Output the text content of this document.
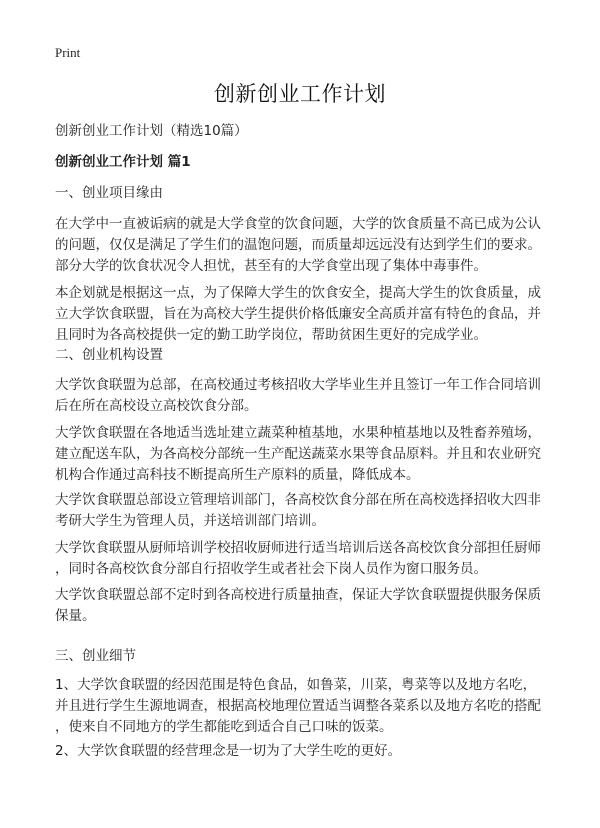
Print
创新创业工作计划
创新创业工作计划（精选10篇）
创新创业工作计划 篇1
一、创业项目缘由

在大学中一直被诟病的就是大学食堂的饮食问题，大学的饮食质量不高已成为公认

的问题，仅仅是满足了学生们的温饱问题，而质量却远远没有达到学生们的要求。

部分大学的饮食状况令人担忧，甚至有的大学食堂出现了集体中毒事件。

本企划就是根据这一点，为了保障大学生的饮食安全，提高大学生的饮食质量，成

立大学饮食联盟，旨在为高校大学生提供价格低廉安全高质并富有特色的食品，并

且同时为各高校提供一定的勤工助学岗位，帮助贫困生更好的完成学业。

二、创业机构设置

大学饮食联盟为总部，在高校通过考核招收大学毕业生并且签订一年工作合同培训

后在所在高校设立高校饮食分部。

大学饮食联盟在各地适当选址建立蔬菜种植基地，水果种植基地以及牲畜养殖场，

建立配送车队，为各高校分部统一生产配送蔬菜水果等食品原料。并且和农业研究

机构合作通过高科技不断提高所生产原料的质量，降低成本。

大学饮食联盟总部设立管理培训部门，各高校饮食分部在所在高校选择招收大四非

考研大学生为管理人员，并送培训部门培训。

大学饮食联盟从厨师培训学校招收厨师进行适当培训后送各高校饮食分部担任厨师

，同时各高校饮食分部自行招收学生或者社会下岗人员作为窗口服务员。

大学饮食联盟总部不定时到各高校进行质量抽查，保证大学饮食联盟提供服务保质

保量。

三、创业细节

1、大学饮食联盟的经因范围是特色食品，如鲁菜，川菜，粤菜等以及地方名吃，

并且进行学生生源地调查，根据高校地理位置适当调整各菜系以及地方名吃的搭配

，使来自不同地方的学生都能吃到适合自己口味的饭菜。

2、大学饮食联盟的经营理念是一切为了大学生吃的更好。
